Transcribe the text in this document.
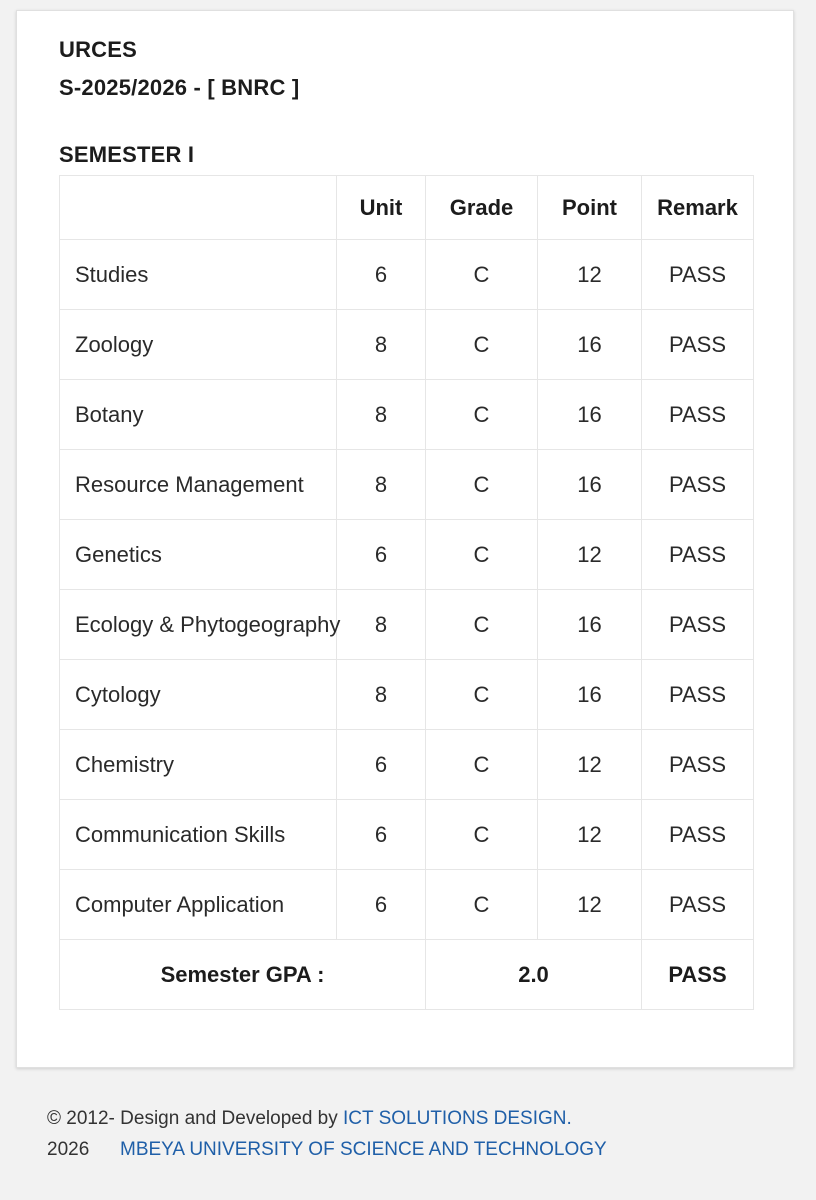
URCES
S-2025/2026 - [ BNRC ]
SEMESTER I
	Unit	Grade	Point	Remark
Studies	6	C	12	PASS
Zoology	8	C	16	PASS
Botany	8	C	16	PASS
Resource Management	8	C	16	PASS
Genetics	6	C	12	PASS
Ecology & Phytogeography	8	C	16	PASS
Cytology	8	C	16	PASS
Chemistry	6	C	12	PASS
Communication Skills	6	C	12	PASS
Computer Application	6	C	12	PASS
Semester GPA :		2.0		PASS
© 2012- Design and Developed by ICT SOLUTIONS DESIGN.
2026 MBEYA UNIVERSITY OF SCIENCE AND TECHNOLOGY
